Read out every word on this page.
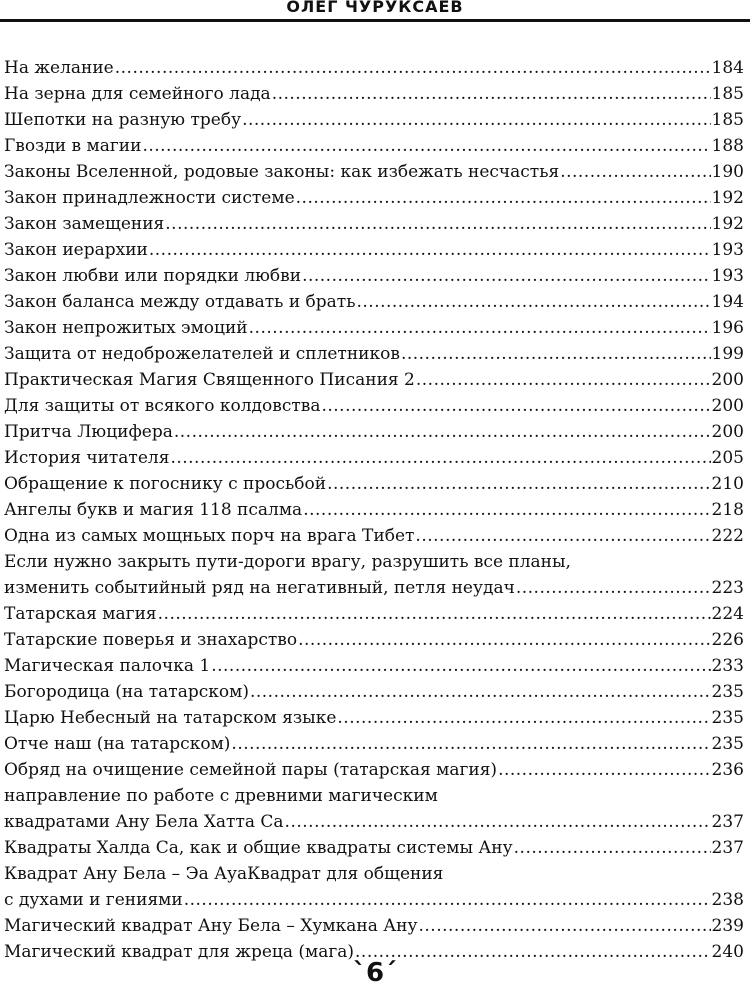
ОЛЕГ ЧУРУКСАЕВ
На желание .....	184
На зерна для семейного лада .....	185
Шепотки на разную требу .....	185
Гвозди в магии .....	188
Законы Вселенной, родовые законы: как избежать несчастья .....	190
Закон принадлежности системе .....	192
Закон замещения .....	192
Закон иерархии .....	193
Закон любви или порядки любви .....	193
Закон баланса между отдавать и брать .....	194
Закон непрожитых эмоций .....	196
Защита от недоброжелателей и сплетников .....	199
Практическая Магия Священного Писания 2 .....	200
Для защиты от всякого колдовства .....	200
Притча Люцифера .....	200
История читателя .....	205
Обращение к погоснику с просьбой .....	210
Ангелы букв и магия 118 псалма .....	218
Одна из самых мощньых порч на врага Тибет .....	222
Если нужно закрыть пути-дороги врагу, разрушить все планы,
изменить событийный ряд на негативный, петля неудач .....	223
Татарская магия .....	224
Татарские поверья и знахарство .....	226
Магическая палочка 1 .....	233
Богородица (на татарском) .....	235
Царю Небесный на татарском языке .....	235
Отче наш (на татарском) .....	235
Обряд на очищение семейной пары (татарская магия) .....	236
направление по работе с древними магическим
квадратами Ану Бела Хатта Са .....	237
Квадраты Халда Са, как и общие квадраты системы Ану .....	237
Квадрат Ану Бела – Эа АуаКвадрат для общения
с духами и гениями .....	238
Магический квадрат Ану Бела – Хумкана Ану .....	239
Магический квадрат для жреца (мага) .....	240
`6´
